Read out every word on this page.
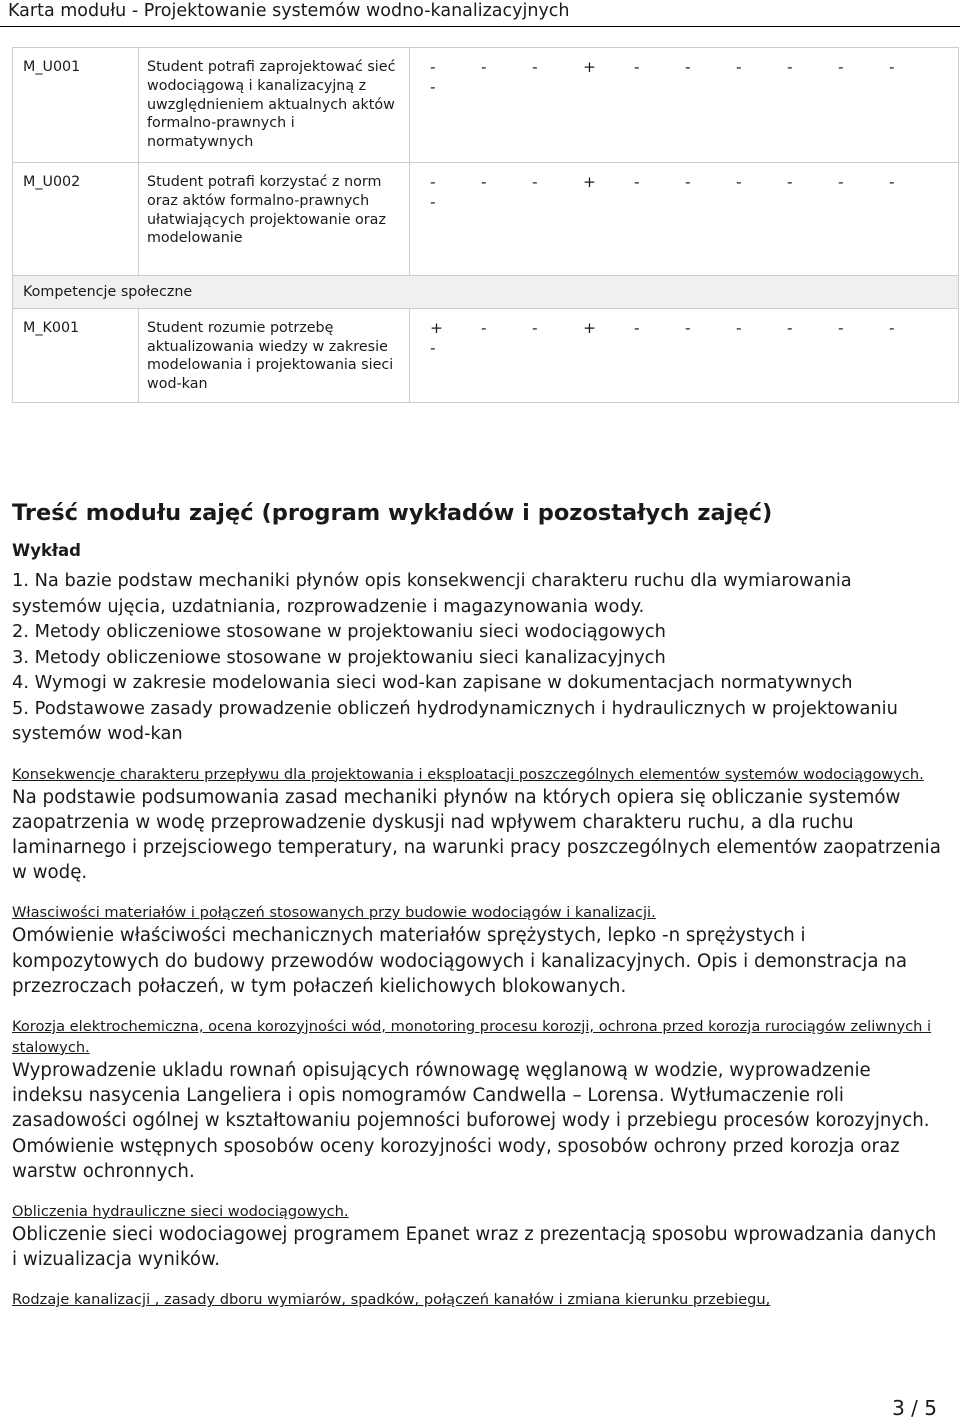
Karta modułu - Projektowanie systemów wodno-kanalizacyjnych
M_U001	Student potrafi zaprojektować sieć wodociągową i kanalizacyjną z uwzględnieniem aktualnych aktów formalno-prawnych i normatywnych	- - - + - - - - - --
M_U002	Student potrafi korzystać z norm oraz aktów formalno-prawnych ułatwiających projektowanie oraz modelowanie	- - - + - - - - - --
Kompetencje społeczne		
M_K001	Student rozumie potrzebę aktualizowania wiedzy w zakresie modelowania i projektowania sieci wod-kan	+ - - + - - - - - --
Treść modułu zajęć (program wykładów i pozostałych zajęć)
Wykład

1. Na bazie podstaw mechaniki płynów opis konsekwencji charakteru ruchu dla wymiarowania systemów ujęcia, uzdatniania, rozprowadzenie i magazynowania wody.

2. Metody obliczeniowe stosowane w projektowaniu sieci wodociągowych

3. Metody obliczeniowe stosowane w projektowaniu sieci kanalizacyjnych

4. Wymogi w zakresie modelowania sieci wod-kan zapisane w dokumentacjach normatywnych

5. Podstawowe zasady prowadzenie obliczeń hydrodynamicznych i hydraulicznych w projektowaniu systemów wod-kan

Konsekwencje charakteru przepływu dla projektowania i eksploatacji poszczególnych elementów systemów wodociągowych.

Na podstawie podsumowania zasad mechaniki płynów na których opiera się obliczanie systemów zaopatrzenia w wodę przeprowadzenie dyskusji nad wpływem charakteru ruchu, a dla ruchu laminarnego i przejsciowego temperatury, na warunki pracy poszczególnych elementów zaopatrzenia w wodę.

Własciwości materiałów i połączeń stosowanych przy budowie wodociągów i kanalizacji.

Omówienie właściwości mechanicznych materiałów sprężystych, lepko -n sprężystych i kompozytowych do budowy przewodów wodociągowych i kanalizacyjnych. Opis i demonstracja na przezroczach połaczeń, w tym połaczeń kielichowych blokowanych.

Korozja elektrochemiczna, ocena korozyjności wód, monotoring procesu korozji, ochrona przed korozja rurociągów zeliwnych i stalowych.

Wyprowadzenie ukladu rownań opisujących równowagę węglanową w wodzie, wyprowadzenie indeksu nasycenia Langeliera i opis nomogramów Candwella – Lorensa. Wytłumaczenie roli zasadowości ogólnej w kształtowaniu pojemności buforowej wody i przebiegu procesów korozyjnych. Omówienie wstępnych sposobów oceny korozyjności wody, sposobów ochrony przed korozja oraz warstw ochronnych.

Obliczenia hydrauliczne sieci wodociągowych.

Obliczenie sieci wodociagowej programem Epanet wraz z prezentacją sposobu wprowadzania danych i wizualizacja wyników.

Rodzaje kanalizacji , zasady dboru wymiarów, spadków, połączeń kanałów i zmiana kierunku przebiegu,
3 / 5
